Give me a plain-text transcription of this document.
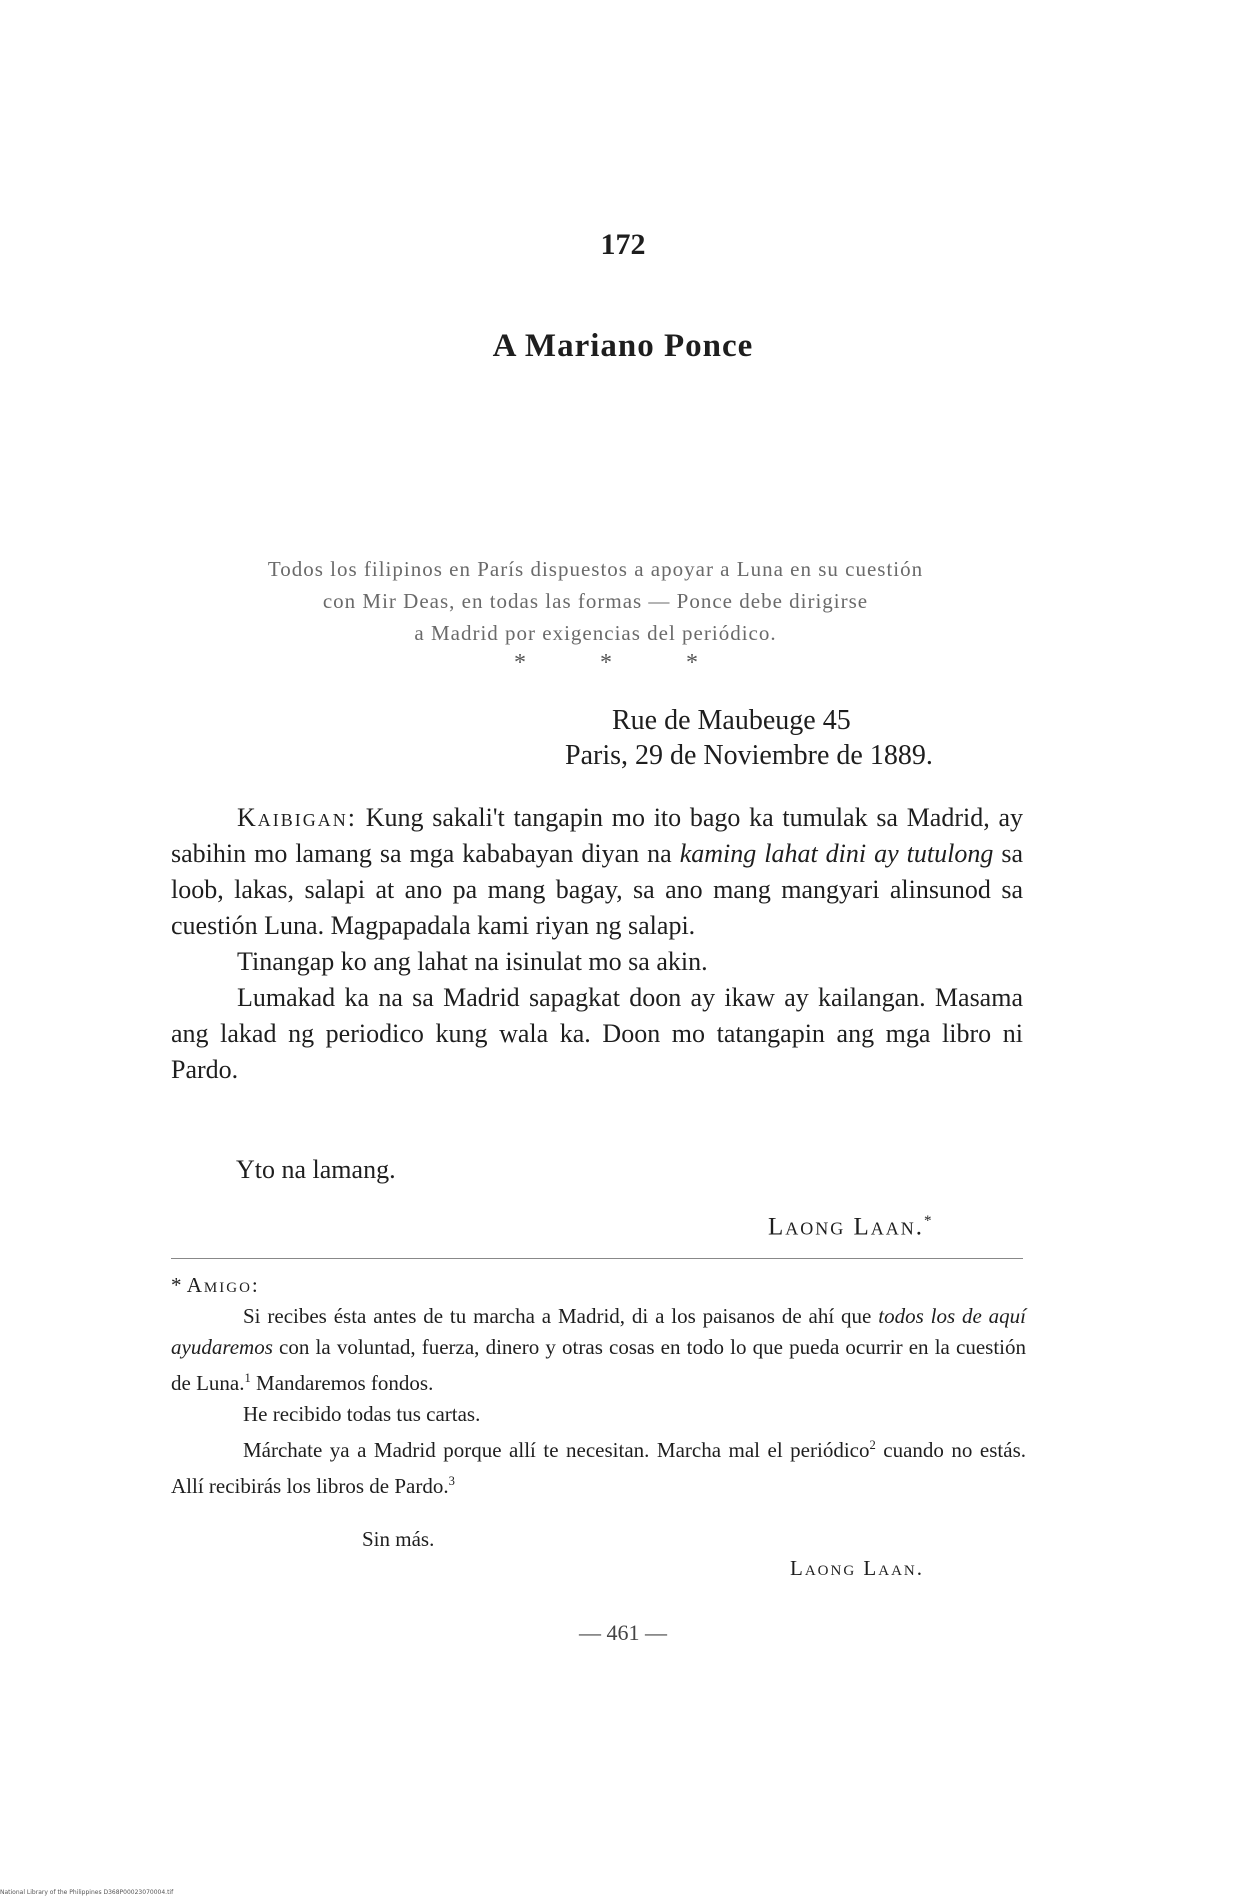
172
A Mariano Ponce
Todos los filipinos en París dispuestos a apoyar a Luna en su cuestión
con Mir Deas, en todas las formas — Ponce debe dirigirse
a Madrid por exigencias del periódico.
* * *
Rue de Maubeuge 45
Paris, 29 de Noviembre de 1889.

Kaibigan: Kung sakali't tangapin mo ito bago ka tumulak sa Madrid, ay sabihin mo lamang sa mga kababayan diyan na kaming lahat dini ay tutulong sa loob, lakas, salapi at ano pa mang bagay, sa ano mang mangyari alinsunod sa cuestión Luna. Magpapadala kami riyan ng salapi.

Tinangap ko ang lahat na isinulat mo sa akin.

Lumakad ka na sa Madrid sapagkat doon ay ikaw ay kailangan. Masama ang lakad ng periodico kung wala ka. Doon mo tatangapin ang mga libro ni Pardo.

Yto na lamang.
Laong Laan.*

* Amigo:

Si recibes ésta antes de tu marcha a Madrid, di a los paisanos de ahí que todos los de aquí ayudaremos con la voluntad, fuerza, dinero y otras cosas en todo lo que pueda ocurrir en la cuestión de Luna.$^1$ Mandaremos fondos.

He recibido todas tus cartas.

Márchate ya a Madrid porque allí te necesitan. Marcha mal el periódico$^2$ cuando no estás. Allí recibirás los libros de Pardo.$^3$

Sin más.
Laong Laan.
— 461 —
National Library of the Philippines D368P00023070004.tif
